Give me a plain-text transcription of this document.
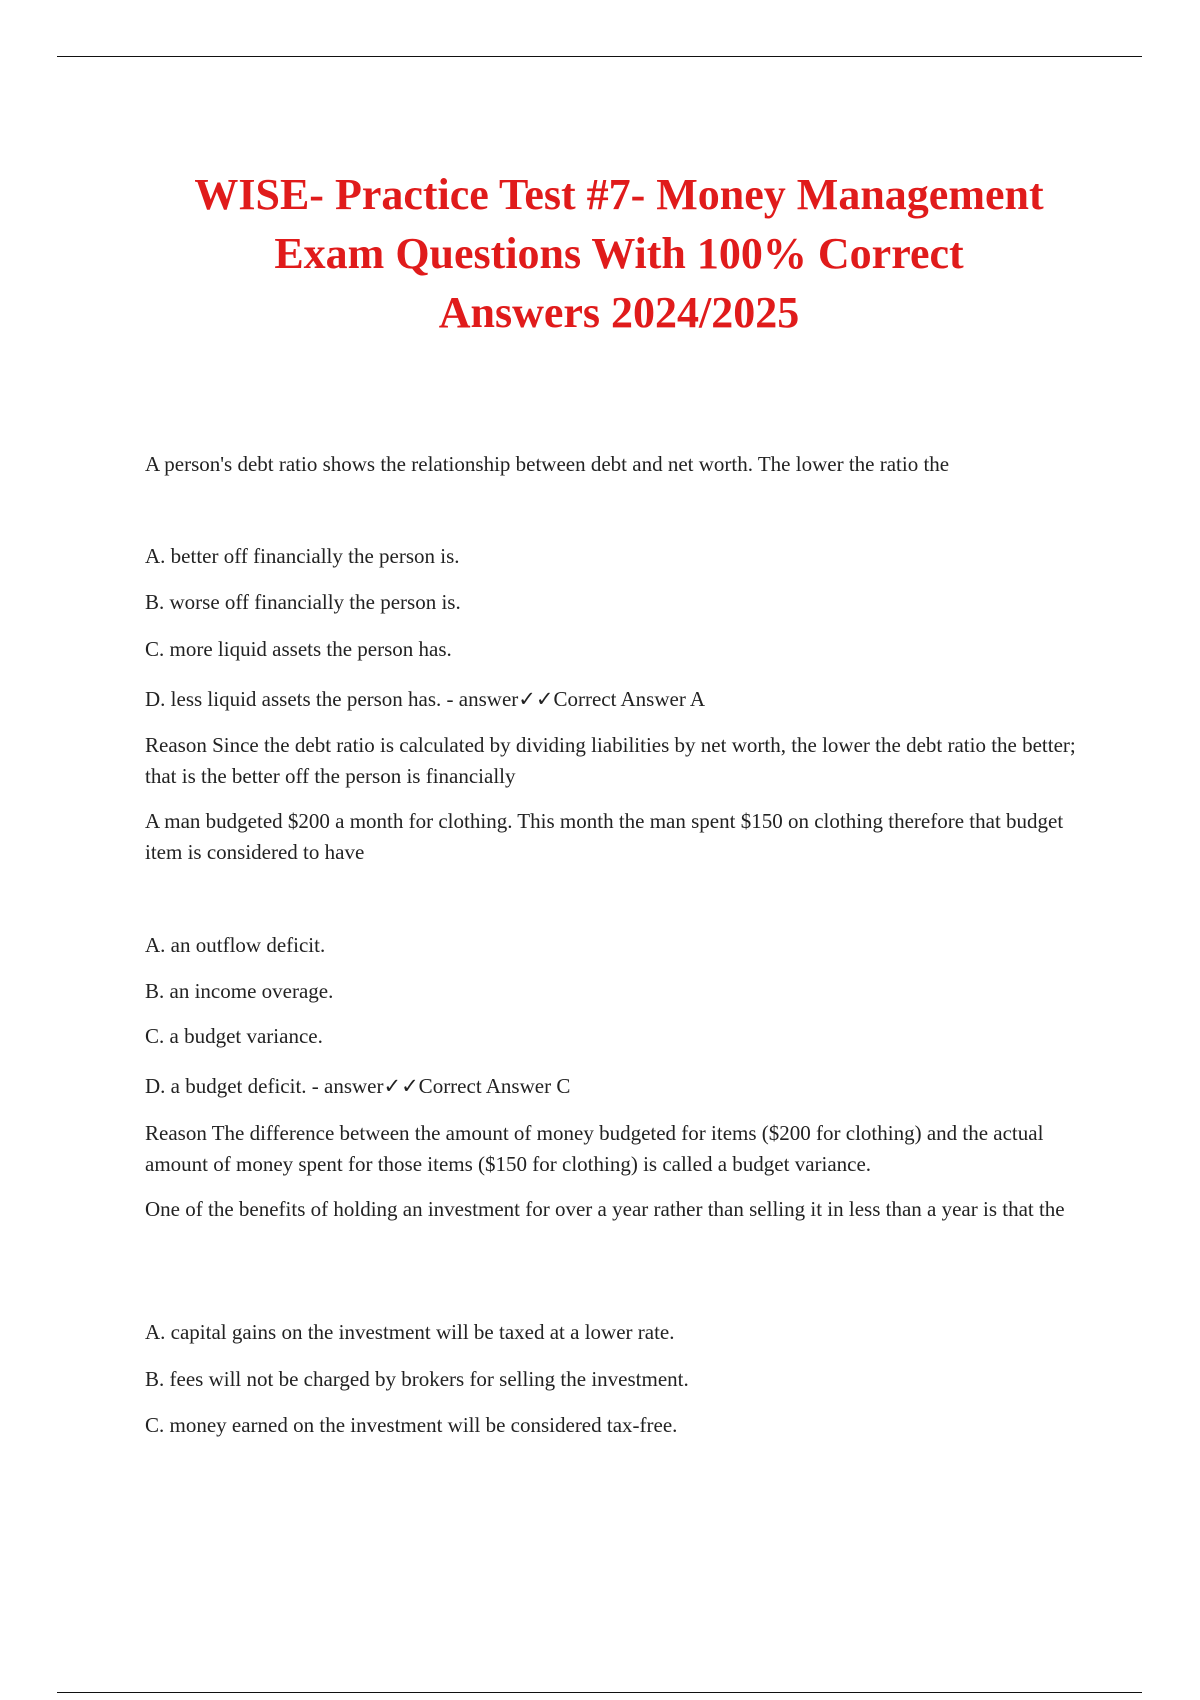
WISE- Practice Test #7- Money Management
Exam Questions With 100% Correct
Answers 2024/2025

A person's debt ratio shows the relationship between debt and net worth. The lower the ratio the

A. better off financially the person is.

B. worse off financially the person is.

C. more liquid assets the person has.

D. less liquid assets the person has. - answer✓✓Correct Answer A

Reason Since the debt ratio is calculated by dividing liabilities by net worth, the lower the debt ratio the better; that is the better off the person is financially

A man budgeted $200 a month for clothing. This month the man spent $150 on clothing therefore that budget item is considered to have

A. an outflow deficit.

B. an income overage.

C. a budget variance.

D. a budget deficit. - answer✓✓Correct Answer C

Reason The difference between the amount of money budgeted for items ($200 for clothing) and the actual amount of money spent for those items ($150 for clothing) is called a budget variance.

One of the benefits of holding an investment for over a year rather than selling it in less than a year is that the

A. capital gains on the investment will be taxed at a lower rate.

B. fees will not be charged by brokers for selling the investment.

C. money earned on the investment will be considered tax-free.
